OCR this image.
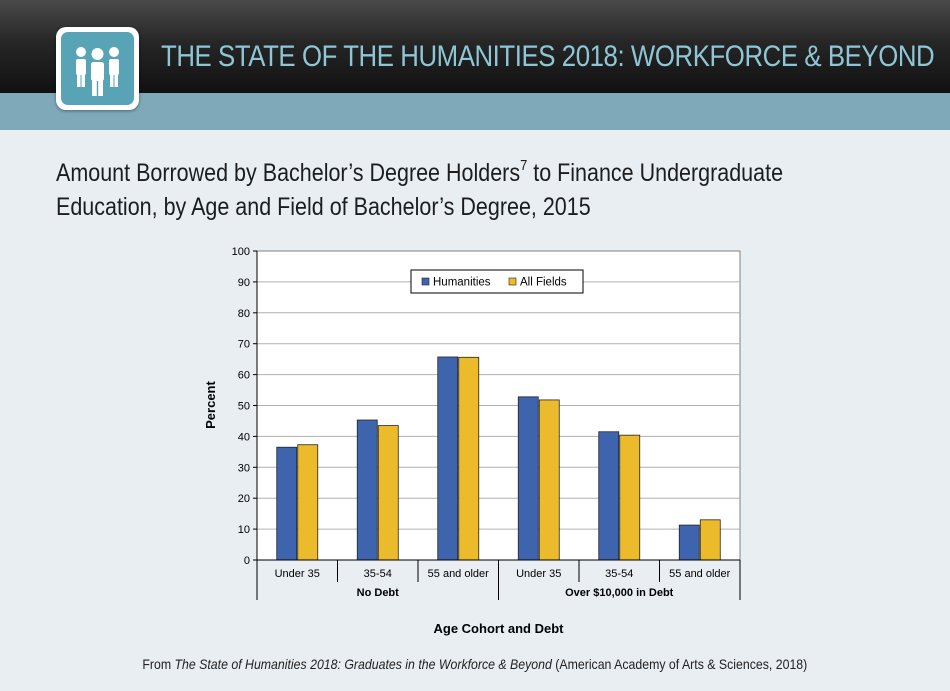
THE STATE OF THE HUMANITIES 2018: WORKFORCE & BEYOND
Amount Borrowed by Bachelor’s Degree Holders$^7$ to Finance Undergraduate
Education, by Age and Field of Bachelor’s Degree, 2015
0
10
20
30
40
50
60
70
80
90
100
Under 35	35-54	55 and older Under 35	35-54	55 and older
No Debt	Over $10,000 in Debt
Percent
Age Cohort and Debt
Humanities	All Fields
From The State of Humanities 2018: Graduates in the Workforce & Beyond (American Academy of Arts & Sciences, 2018)
